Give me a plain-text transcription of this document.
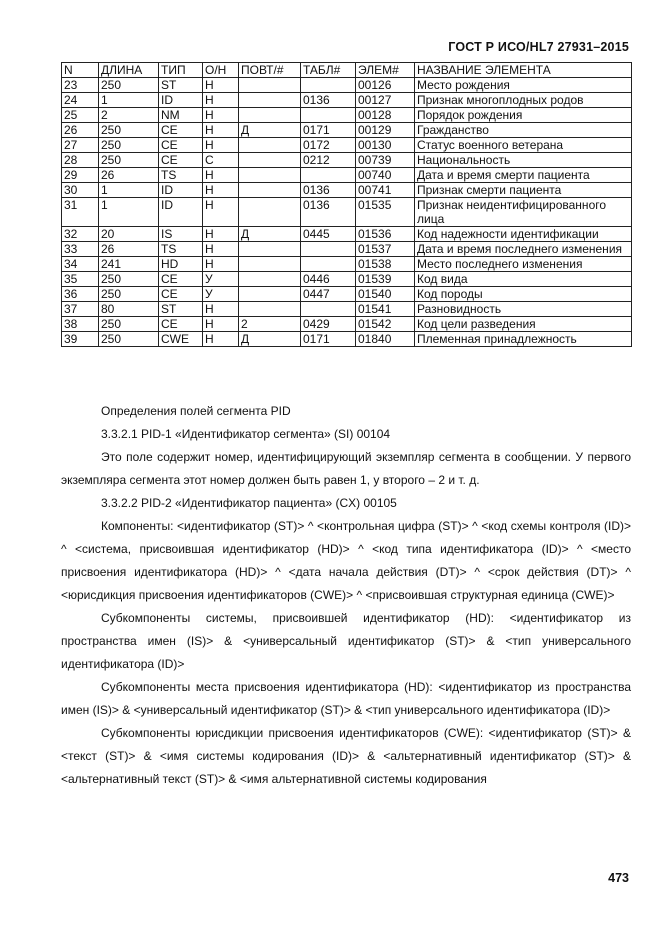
ГОСТ Р ИСО/HL7 27931–2015
N	ДЛИНА	ТИП	О/Н	ПОВТ/#	ТАБЛ#	ЭЛЕМ#	НАЗВАНИЕ ЭЛЕМЕНТА
23	250	ST	Н			00126	Место рождения
24	1	ID	Н		0136	00127	Признак многоплодных родов
25	2	NM	Н			00128	Порядок рождения
26	250	CE	Н	Д	0171	00129	Гражданство
27	250	CE	Н		0172	00130	Статус военного ветерана
28	250	CE	С		0212	00739	Национальность
29	26	TS	Н			00740	Дата и время смерти пациента
30	1	ID	Н		0136	00741	Признак смерти пациента
31	1	ID	Н		0136	01535	Признак неидентифицированного лица
32	20	IS	Н	Д	0445	01536	Код надежности идентификации
33	26	TS	Н			01537	Дата и время последнего изменения
34	241	HD	Н			01538	Место последнего изменения
35	250	CE	У		0446	01539	Код вида
36	250	CE	У		0447	01540	Код породы
37	80	ST	Н			01541	Разновидность
38	250	CE	Н	2	0429	01542	Код цели разведения
39	250	CWE	Н	Д	0171	01840	Племенная принадлежность

Определения полей сегмента PID

3.3.2.1 PID-1 «Идентификатор сегмента» (SI) 00104

Это поле содержит номер, идентифицирующий экземпляр сегмента в сообщении. У первого экземпляра сегмента этот номер должен быть равен 1, у второго – 2 и т. д.

3.3.2.2 PID-2 «Идентификатор пациента» (CX) 00105

Компоненты: <идентификатор (ST)> ^ <контрольная цифра (ST)> ^ <код схемы контроля (ID)> ^ <система, присвоившая идентификатор (HD)> ^ <код типа идентификатора (ID)> ^ <место присвоения идентификатора (HD)> ^ <дата начала действия (DT)> ^ <срок действия (DT)> ^ <юрисдикция присвоения идентификаторов (CWE)> ^ <присвоившая структурная единица (CWE)>

Субкомпоненты системы, присвоившей идентификатор (HD): <идентификатор из пространства имен (IS)> & <универсальный идентификатор (ST)> & <тип универсального идентификатора (ID)>

Субкомпоненты места присвоения идентификатора (HD): <идентификатор из пространства имен (IS)> & <универсальный идентификатор (ST)> & <тип универсального идентификатора (ID)>

Субкомпоненты юрисдикции присвоения идентификаторов (CWE): <идентификатор (ST)> & <текст (ST)> & <имя системы кодирования (ID)> & <альтернативный идентификатор (ST)> & <альтернативный текст (ST)> & <имя альтернативной системы кодирования

473
